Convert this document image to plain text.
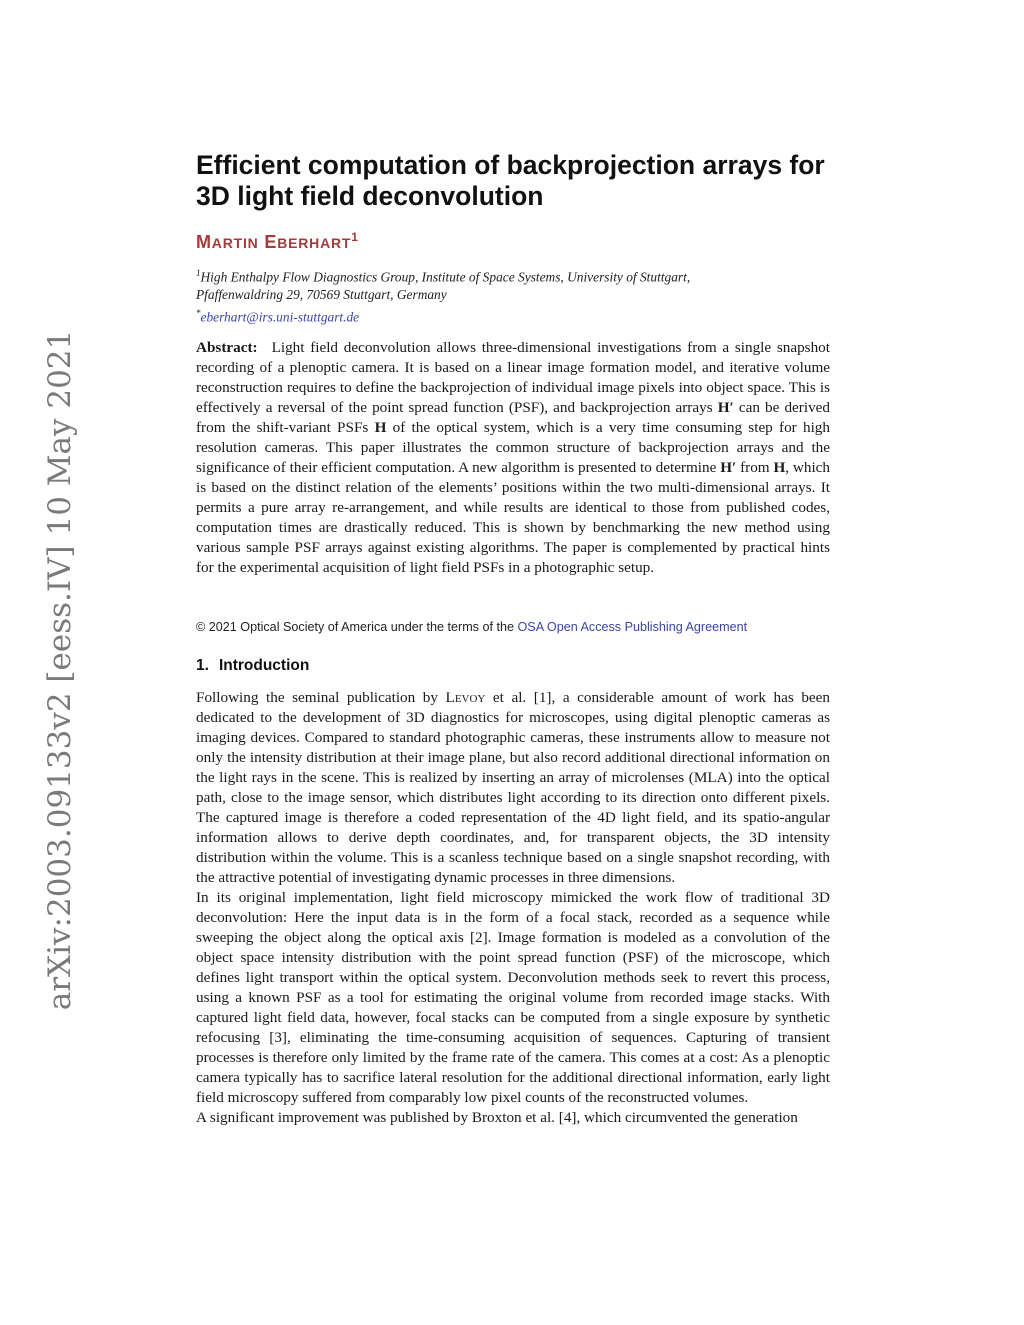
arXiv:2003.09133v2 [eess.IV] 10 May 2021
Efficient computation of backprojection arrays for 3D light field deconvolution
MARTIN EBERHART$^1$
$^1$High Enthalpy Flow Diagnostics Group, Institute of Space Systems, University of Stuttgart,
Pfaffenwaldring 29, 70569 Stuttgart, Germany
*eberhart@irs.uni-stuttgart.de

Abstract: Light field deconvolution allows three-dimensional investigations from a single snapshot recording of a plenoptic camera. It is based on a linear image formation model, and iterative volume reconstruction requires to define the backprojection of individual image pixels into object space. This is effectively a reversal of the point spread function (PSF), and backprojection arrays H′ can be derived from the shift-variant PSFs H of the optical system, which is a very time consuming step for high resolution cameras. This paper illustrates the common structure of backprojection arrays and the significance of their efficient computation. A new algorithm is presented to determine H′ from H, which is based on the distinct relation of the elements’ positions within the two multi-dimensional arrays. It permits a pure array re-arrangement, and while results are identical to those from published codes, computation times are drastically reduced. This is shown by benchmarking the new method using various sample PSF arrays against existing algorithms. The paper is complemented by practical hints for the experimental acquisition of light field PSFs in a photographic setup.

© 2021 Optical Society of America under the terms of the OSA Open Access Publishing Agreement
1. Introduction

Following the seminal publication by Levoy et al. [1], a considerable amount of work has been dedicated to the development of 3D diagnostics for microscopes, using digital plenoptic cameras as imaging devices. Compared to standard photographic cameras, these instruments allow to measure not only the intensity distribution at their image plane, but also record additional directional information on the light rays in the scene. This is realized by inserting an array of microlenses (MLA) into the optical path, close to the image sensor, which distributes light according to its direction onto different pixels. The captured image is therefore a coded representation of the 4D light field, and its spatio-angular information allows to derive depth coordinates, and, for transparent objects, the 3D intensity distribution within the volume. This is a scanless technique based on a single snapshot recording, with the attractive potential of investigating dynamic processes in three dimensions.

In its original implementation, light field microscopy mimicked the work flow of traditional 3D deconvolution: Here the input data is in the form of a focal stack, recorded as a sequence while sweeping the object along the optical axis [2]. Image formation is modeled as a convolution of the object space intensity distribution with the point spread function (PSF) of the microscope, which defines light transport within the optical system. Deconvolution methods seek to revert this process, using a known PSF as a tool for estimating the original volume from recorded image stacks. With captured light field data, however, focal stacks can be computed from a single exposure by synthetic refocusing [3], eliminating the time-consuming acquisition of sequences. Capturing of transient processes is therefore only limited by the frame rate of the camera. This comes at a cost: As a plenoptic camera typically has to sacrifice lateral resolution for the additional directional information, early light field microscopy suffered from comparably low pixel counts of the reconstructed volumes.

A significant improvement was published by Broxton et al. [4], which circumvented the generation
